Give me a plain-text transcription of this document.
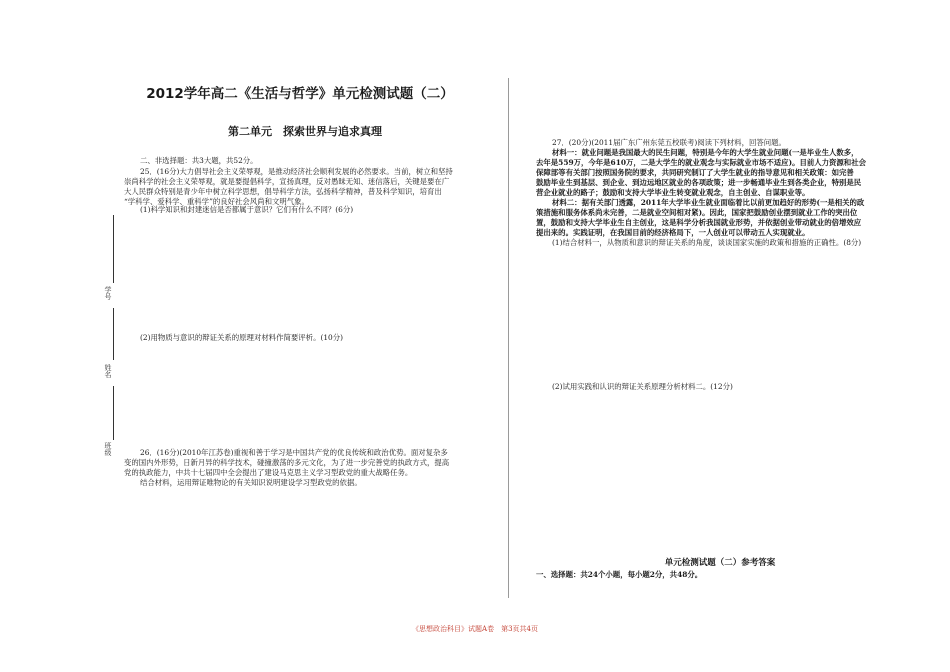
2012学年高二《生活与哲学》单元检测试题（二）
第二单元　探索世界与追求真理
二、非选择题：共3大题，共52分。
25．(16分)大力倡导社会主义荣辱观，是推动经济社会顺利发展的必然要求。当前，树立和坚持
崇尚科学的社会主义荣辱观，就是要提倡科学，宣扬真理，反对愚昧无知、迷信落后，关键是要在广
大人民群众特别是青少年中树立科学思想，倡导科学方法，弘扬科学精神，普及科学知识，培育出
“学科学、爱科学、重科学”的良好社会风尚和文明气象。
(1)科学知识和封建迷信是否都属于意识？它们有什么不同？(6分)
(2)用物质与意识的辩证关系的原理对材料作简要评析。(10分)
26．(16分)(2010年江苏卷)重视和善于学习是中国共产党的优良传统和政治优势。面对复杂多
变的国内外形势，日新月异的科学技术，碰撞激荡的多元文化，为了进一步完善党的执政方式，提高
党的执政能力，中共十七届四中全会提出了建设马克思主义学习型政党的重大战略任务。
结合材料，运用辩证唯物论的有关知识说明建设学习型政党的依据。
学号
姓名
班级
27．(20分)(2011届广东广州东莞五校联考)阅读下列材料，回答问题。
材料一：就业问题是我国最大的民生问题，特别是今年的大学生就业问题(一是毕业生人数多，
去年是559万，今年是610万，二是大学生的就业观念与实际就业市场不适应)。目前人力资源和社会
保障部等有关部门按照国务院的要求，共同研究制订了大学生就业的指导意见和相关政策：如完善
鼓励毕业生到基层、到企业、到边远地区就业的各项政策；进一步畅通毕业生到各类企业，特别是民
营企业就业的路子；鼓励和支持大学毕业生转变就业观念，自主创业、自谋职业等。
材料二：据有关部门透露，2011年大学毕业生就业面临着比以前更加趋好的形势(一是相关的政
策措施和服务体系尚未完善，二是就业空间相对紧)。因此，国家把鼓励创业摆到就业工作的突出位
置，鼓励和支持大学毕业生自主创业，这是科学分析我国就业形势，并依据创业带动就业的倍增效应
提出来的。实践证明，在我国目前的经济格局下，一人创业可以带动五人实现就业。
(1)结合材料一，从物质和意识的辩证关系的角度，谈谈国家实施的政策和措施的正确性。(8分)
(2)试用实践和认识的辩证关系原理分析材料二。(12分)
单元检测试题（二）参考答案
一、选择题：共24个小题，每小题2分，共48分。
《思想政治科目》试题A卷　第3页共4页
